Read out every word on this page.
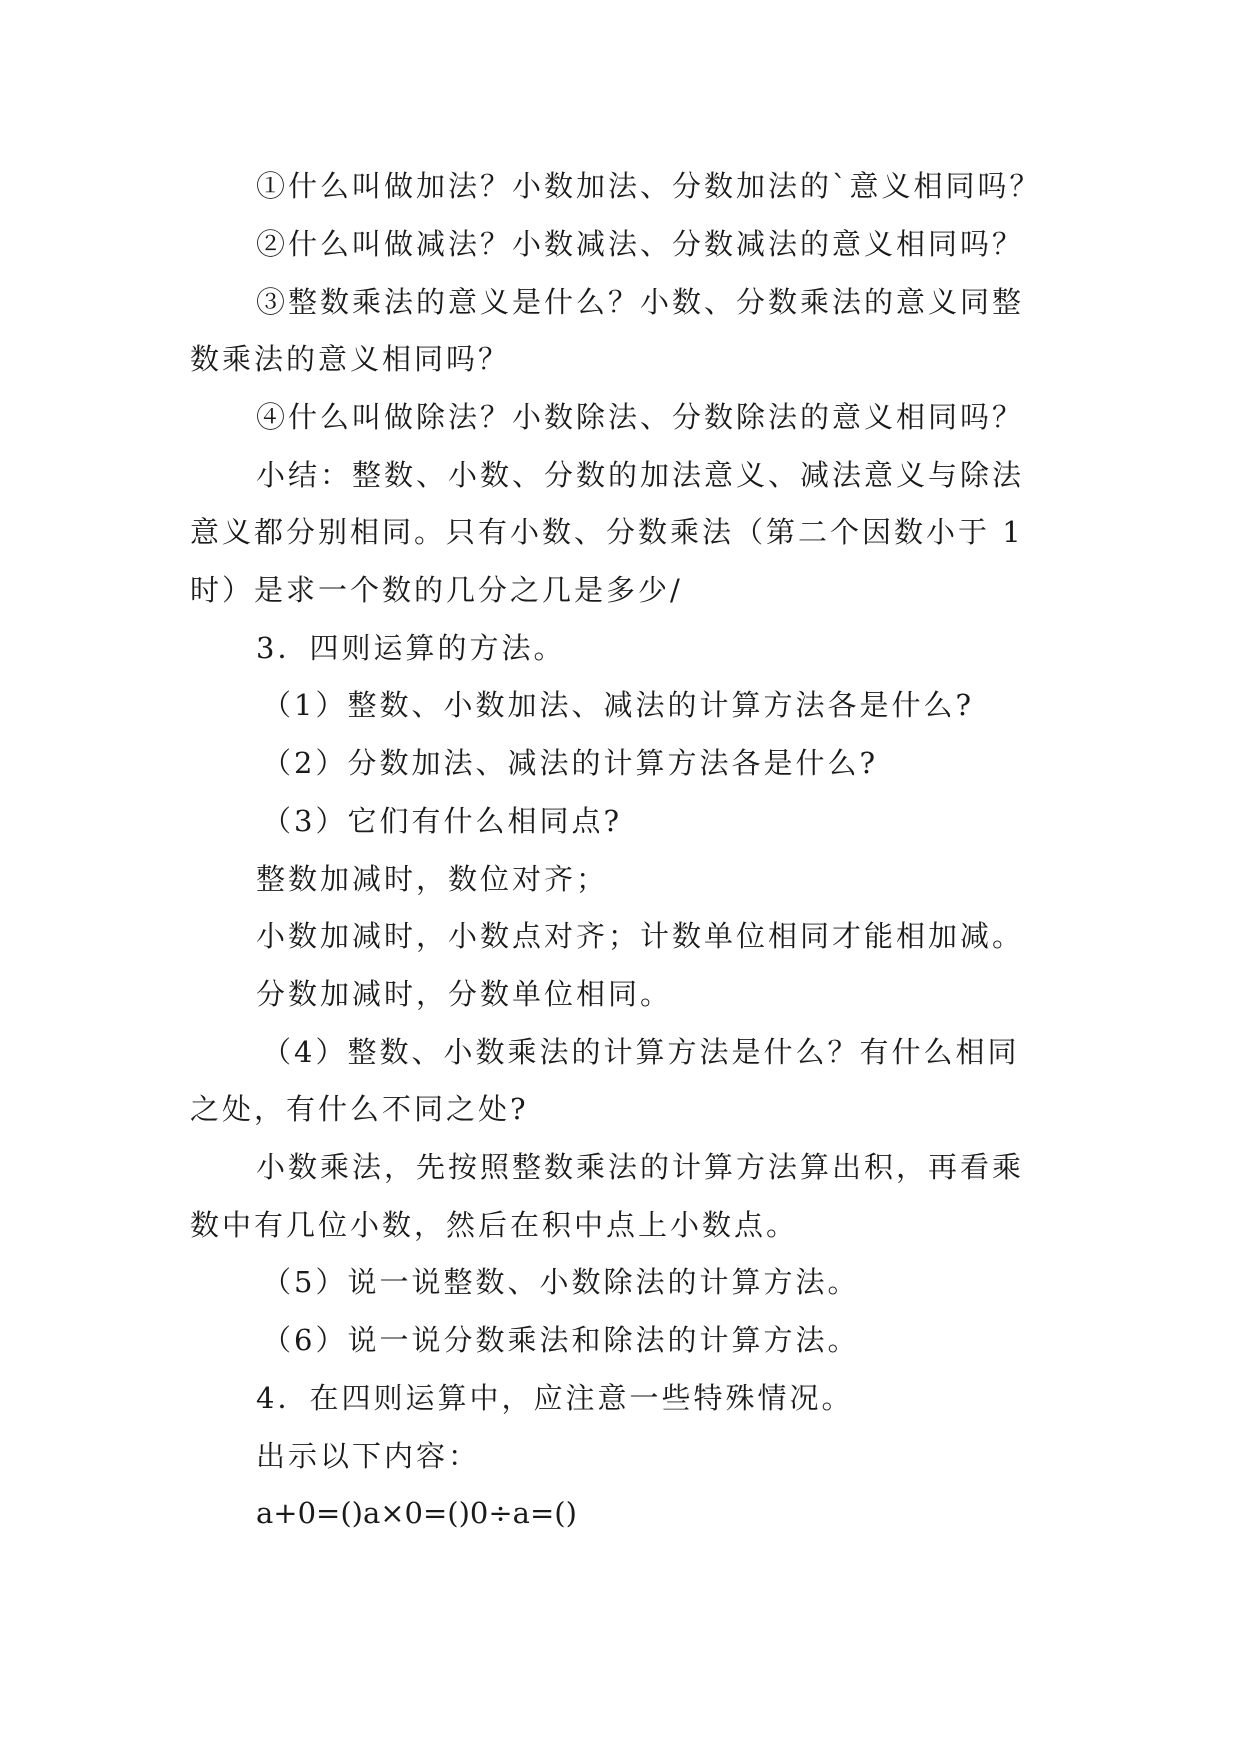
①什么叫做加法？小数加法、分数加法的`意义相同吗？
②什么叫做减法？小数减法、分数减法的意义相同吗？
③整数乘法的意义是什么？小数、分数乘法的意义同整
数乘法的意义相同吗？
④什么叫做除法？小数除法、分数除法的意义相同吗？
小结：整数、小数、分数的加法意义、减法意义与除法
意义都分别相同。只有小数、分数乘法（第二个因数小于 1
时）是求一个数的几分之几是多少/
3．四则运算的方法。
（1）整数、小数加法、减法的计算方法各是什么?
（2）分数加法、减法的计算方法各是什么?
（3）它们有什么相同点?
整数加减时，数位对齐；
小数加减时，小数点对齐；计数单位相同才能相加减。
分数加减时，分数单位相同。
（4）整数、小数乘法的计算方法是什么？有什么相同
之处，有什么不同之处?
小数乘法，先按照整数乘法的计算方法算出积，再看乘
数中有几位小数，然后在积中点上小数点。
（5）说一说整数、小数除法的计算方法。
（6）说一说分数乘法和除法的计算方法。
4．在四则运算中，应注意一些特殊情况。
出示以下内容：
a+0=()a×0=()0÷a=()
